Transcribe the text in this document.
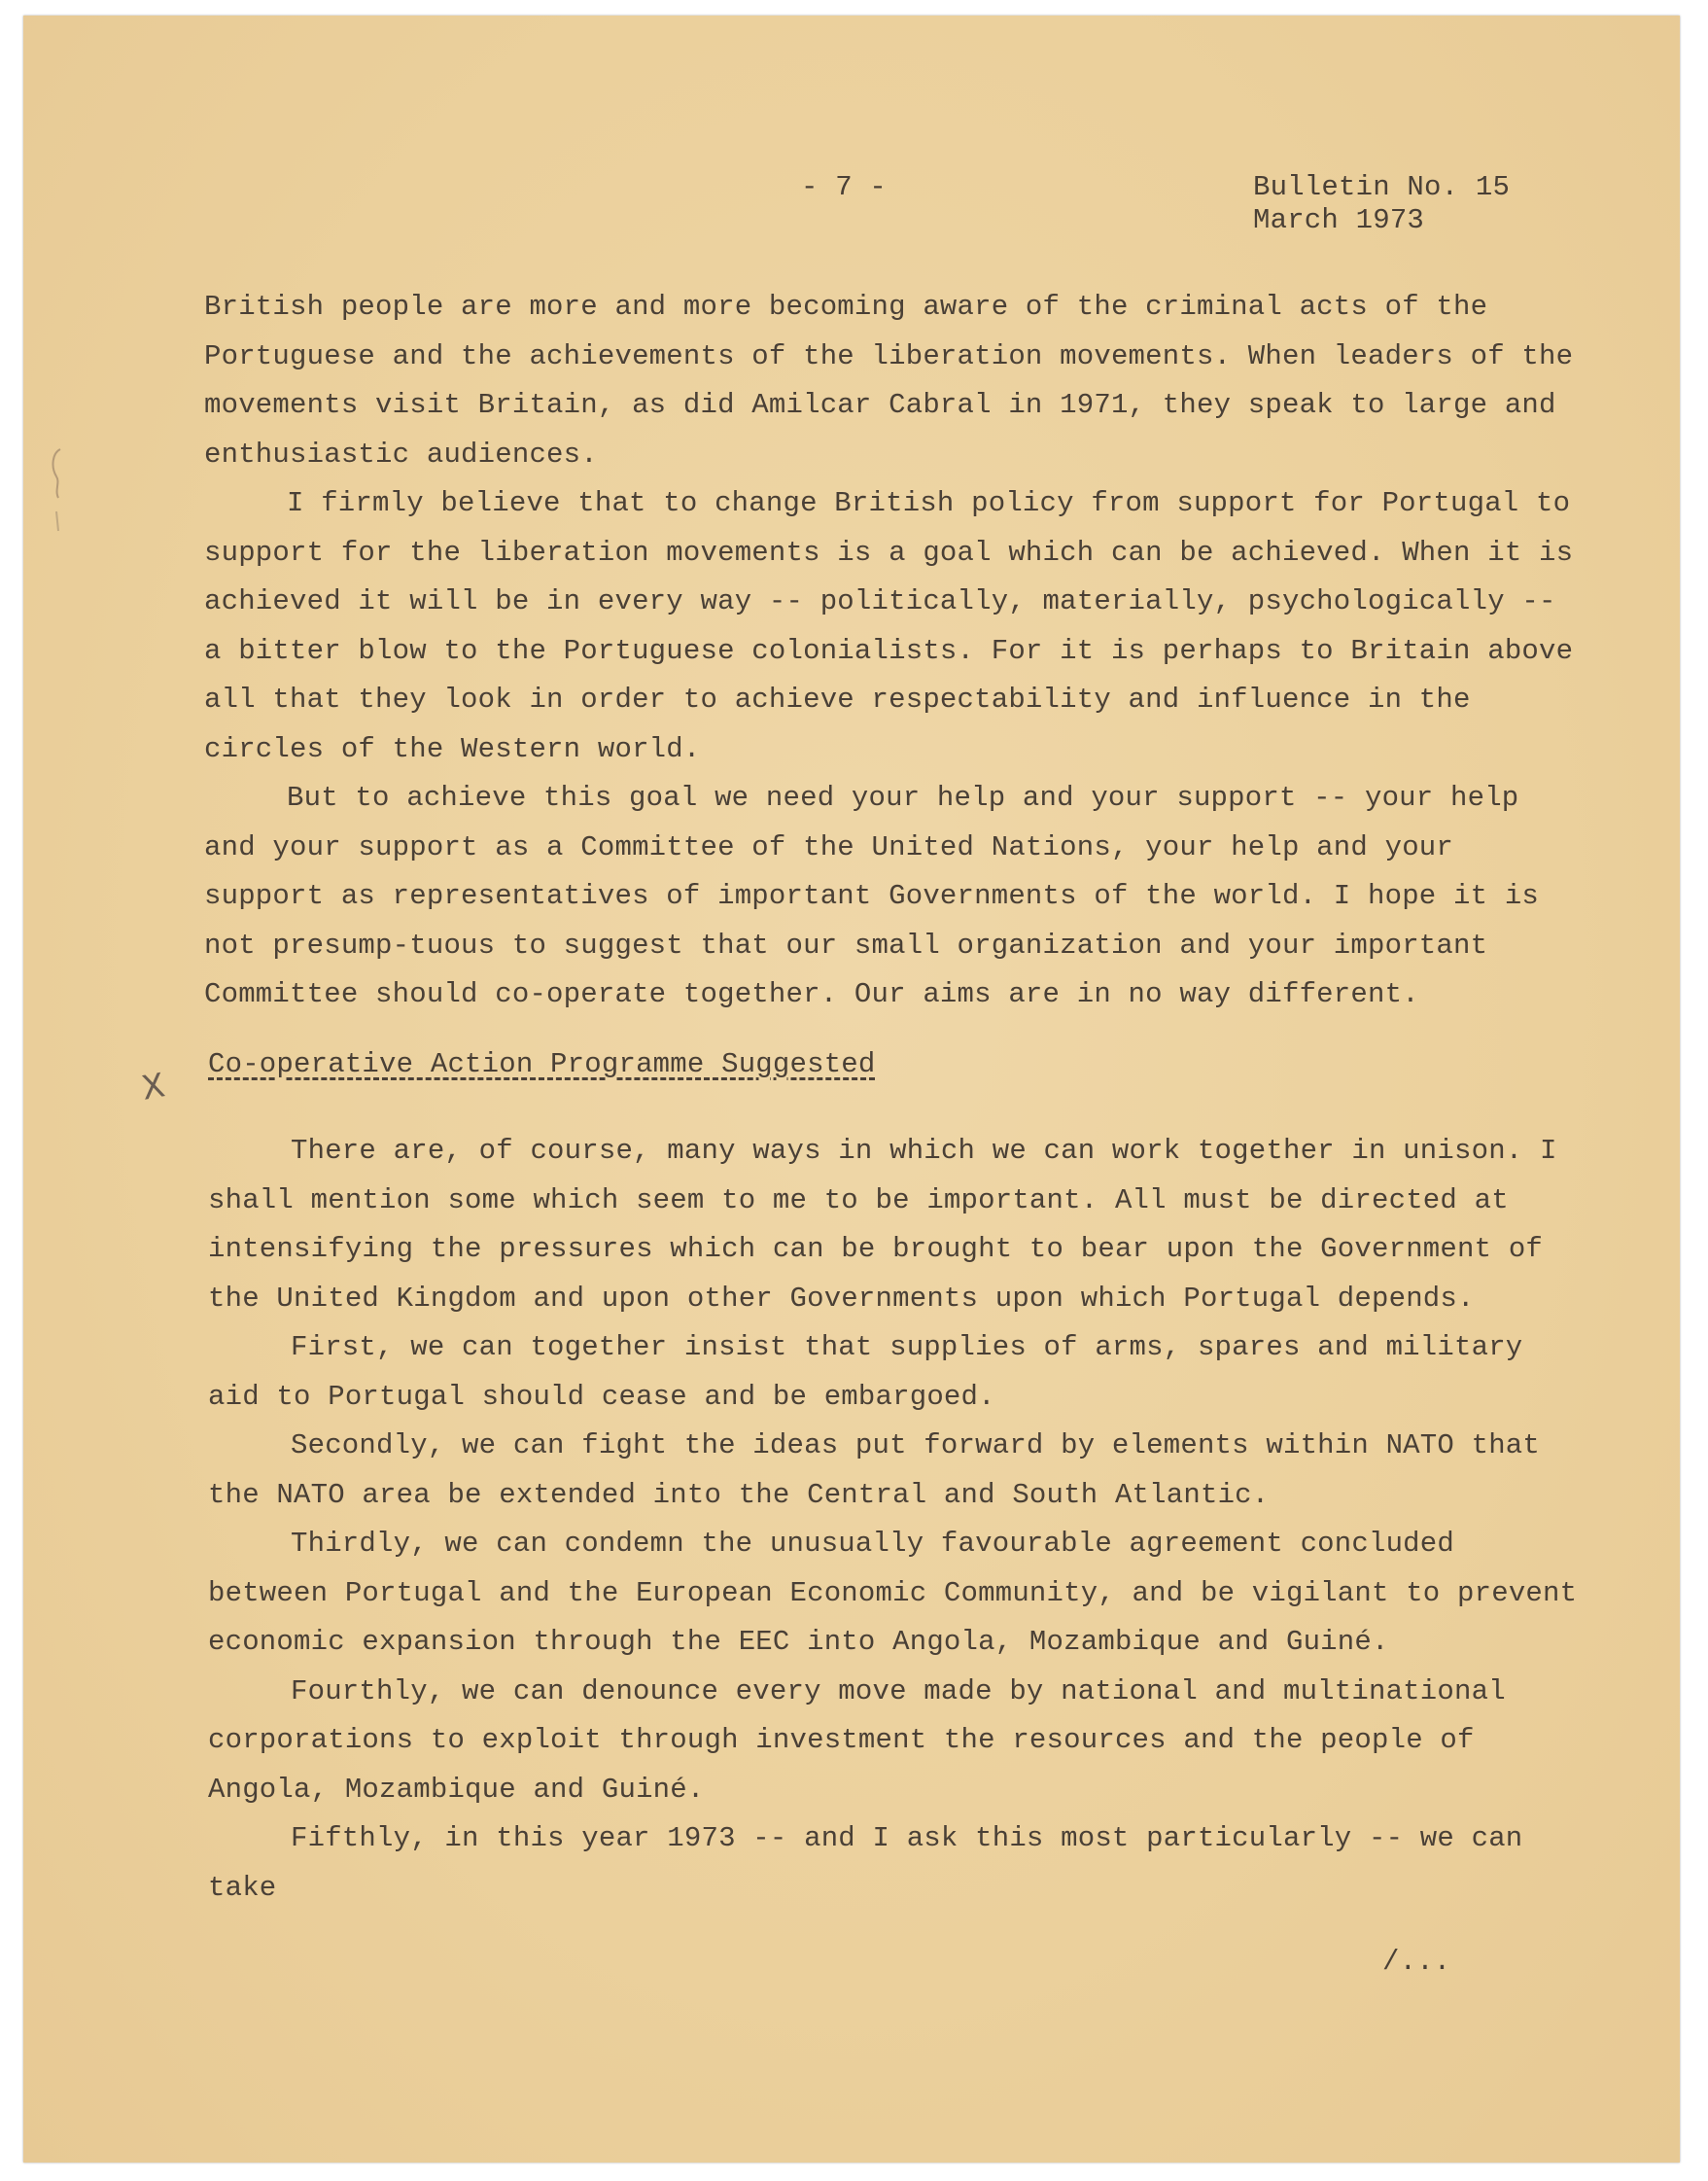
- 7 -	Bulletin No. 15
March 1973

British people are more and more becoming aware of the criminal acts of the Portuguese and the achievements of the liberation movements. When leaders of the movements visit Britain, as did Amilcar Cabral in 1971, they speak to large and enthusiastic audiences.

I firmly believe that to change British policy from support for Portugal to support for the liberation movements is a goal which can be achieved. When it is achieved it will be in every way -- politically, materially, psychologically -- a bitter blow to the Portuguese colonialists. For it is perhaps to Britain above all that they look in order to achieve respectability and influence in the circles of the Western world.

But to achieve this goal we need your help and your support -- your help and your support as a Committee of the United Nations, your help and your support as representatives of important Governments of the world. I hope it is not presump-tuous to suggest that our small organization and your important Committee should co-operate together. Our aims are in no way different.

X
Co-operative Action Programme Suggested

There are, of course, many ways in which we can work together in unison. I shall mention some which seem to me to be important. All must be directed at intensifying the pressures which can be brought to bear upon the Government of the United Kingdom and upon other Governments upon which Portugal depends.

First, we can together insist that supplies of arms, spares and military aid to Portugal should cease and be embargoed.

Secondly, we can fight the ideas put forward by elements within NATO that the NATO area be extended into the Central and South Atlantic.

Thirdly, we can condemn the unusually favourable agreement concluded between Portugal and the European Economic Community, and be vigilant to prevent economic expansion through the EEC into Angola, Mozambique and Guiné.

Fourthly, we can denounce every move made by national and multinational corporations to exploit through investment the resources and the people of Angola, Mozambique and Guiné.

Fifthly, in this year 1973 -- and I ask this most particularly -- we can take

/...
